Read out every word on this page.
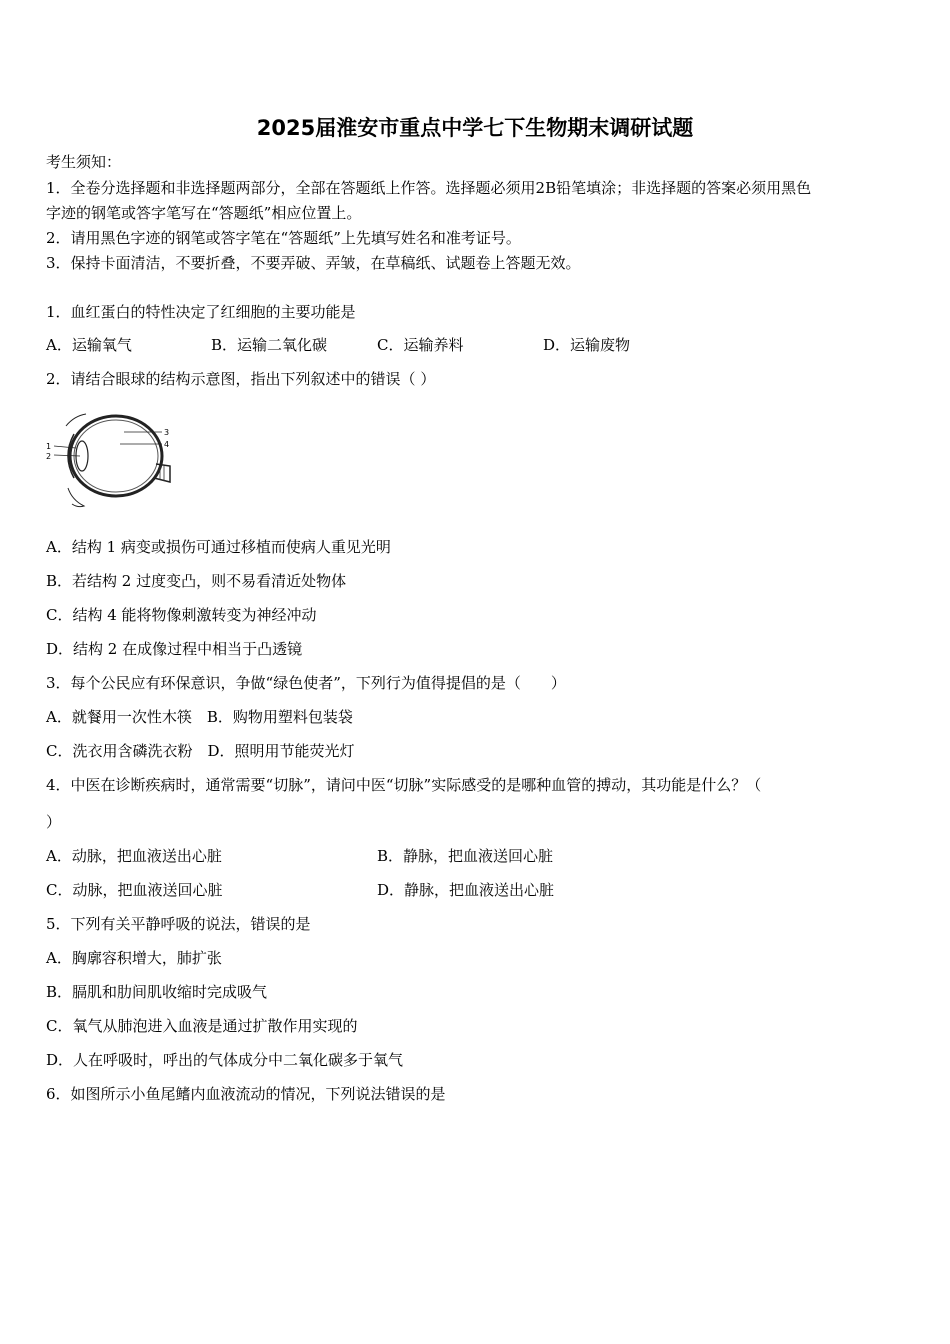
2025届淮安市重点中学七下生物期末调研试题
考生须知：
1．全卷分选择题和非选择题两部分，全部在答题纸上作答。选择题必须用2B铅笔填涂；非选择题的答案必须用黑色
字迹的钢笔或答字笔写在“答题纸”相应位置上。
2．请用黑色字迹的钢笔或答字笔在“答题纸”上先填写姓名和准考证号。
3．保持卡面清洁，不要折叠，不要弄破、弄皱，在草稿纸、试题卷上答题无效。
1．血红蛋白的特性决定了红细胞的主要功能是
A．运输氧气	B．运输二氧化碳	C．运输养料	D．运输废物
2．请结合眼球的结构示意图，指出下列叙述中的错误（ ）
1
2
3
4
A．结构 1 病变或损伤可通过移植而使病人重见光明
B．若结构 2 过度变凸，则不易看清近处物体
C．结构 4 能将物像刺激转变为神经冲动
D．结构 2 在成像过程中相当于凸透镜
3．每个公民应有环保意识，争做“绿色使者”，下列行为值得提倡的是（　　）
A．就餐用一次性木筷　B．购物用塑料包装袋
C．洗衣用含磷洗衣粉　D．照明用节能荧光灯
4．中医在诊断疾病时，通常需要“切脉”，请问中医“切脉”实际感受的是哪种血管的搏动，其功能是什么？（
）
A．动脉，把血液送出心脏	B．静脉，把血液送回心脏
C．动脉，把血液送回心脏	D．静脉，把血液送出心脏
5．下列有关平静呼吸的说法，错误的是
A．胸廓容积增大，肺扩张
B．膈肌和肋间肌收缩时完成吸气
C．氧气从肺泡进入血液是通过扩散作用实现的
D．人在呼吸时，呼出的气体成分中二氧化碳多于氧气
6．如图所示小鱼尾鳍内血液流动的情况，下列说法错误的是
